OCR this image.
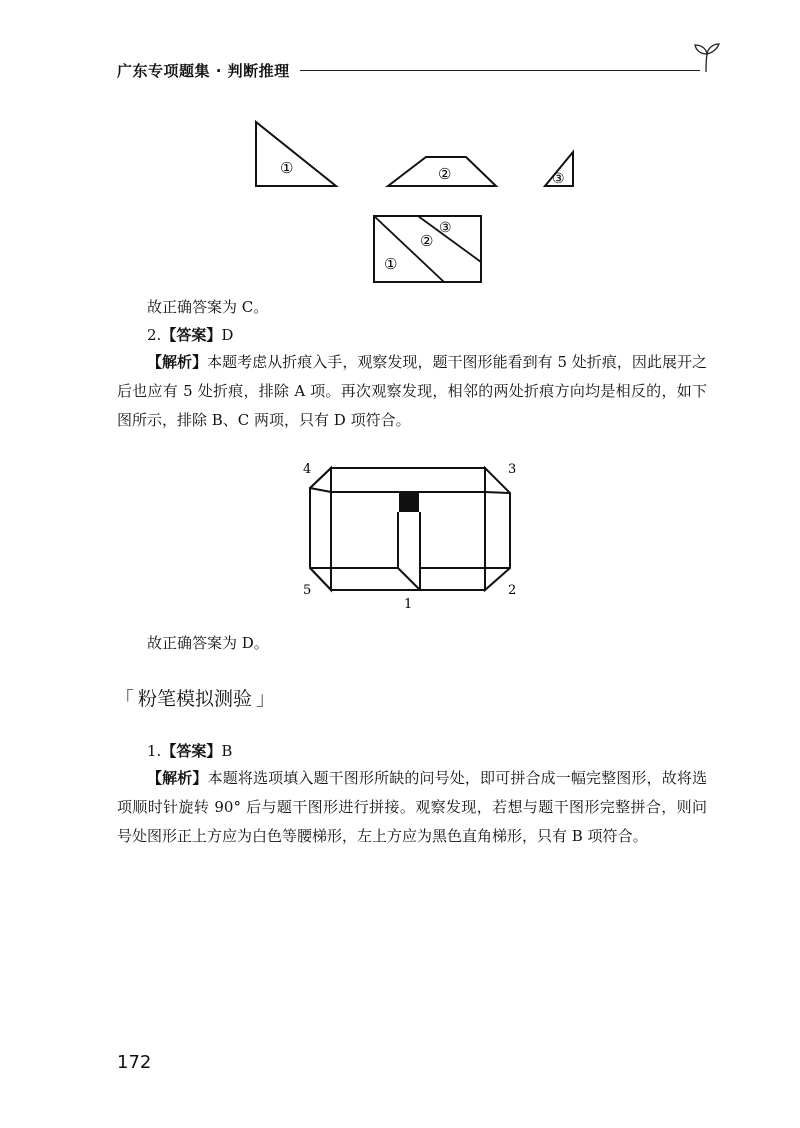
广东专项题集 · 判断推理
①	②	③
①
②
③
故正确答案为 C。
2.【答案】D
【解析】本题考虑从折痕入手，观察发现，题干图形能看到有 5 处折痕，因此展开之后也应有 5 处折痕，排除 A 项。再次观察发现，相邻的两处折痕方向均是相反的，如下图所示，排除 B、C 两项，只有 D 项符合。
4	3
5	2
1
故正确答案为 D。
「 粉笔模拟测验 」
1.【答案】B
【解析】本题将选项填入题干图形所缺的问号处，即可拼合成一幅完整图形，故将选项顺时针旋转 90° 后与题干图形进行拼接。观察发现，若想与题干图形完整拼合，则问号处图形正上方应为白色等腰梯形，左上方应为黑色直角梯形，只有 B 项符合。
172
